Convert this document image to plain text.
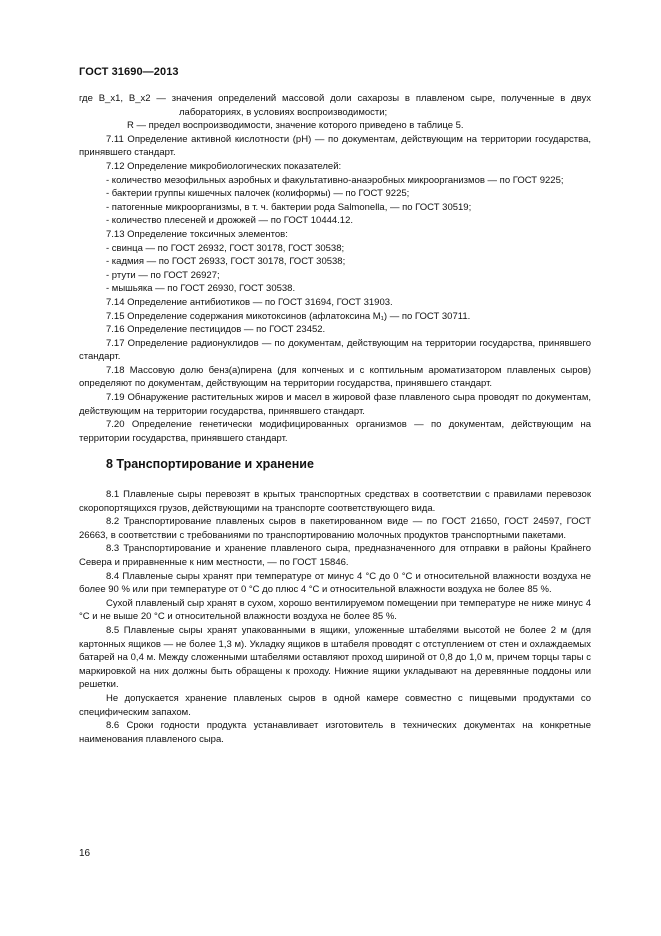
ГОСТ 31690—2013

где B_x1, B_x2 — значения определений массовой доли сахарозы в плавленом сыре, полученные в двух лабораториях, в условиях воспроизводимости;

R — предел воспроизводимости, значение которого приведено в таблице 5.

7.11 Определение активной кислотности (pH) — по документам, действующим на территории государства, принявшего стандарт.

7.12 Определение микробиологических показателей:

- количество мезофильных аэробных и факультативно-анаэробных микроорганизмов — по ГОСТ 9225;

- бактерии группы кишечных палочек (колиформы) — по ГОСТ 9225;

- патогенные микроорганизмы, в т. ч. бактерии рода Salmonella, — по ГОСТ 30519;

- количество плесеней и дрожжей — по ГОСТ 10444.12.

7.13 Определение токсичных элементов:

- свинца — по ГОСТ 26932, ГОСТ 30178, ГОСТ 30538;

- кадмия — по ГОСТ 26933, ГОСТ 30178, ГОСТ 30538;

- ртути — по ГОСТ 26927;

- мышьяка — по ГОСТ 26930, ГОСТ 30538.

7.14 Определение антибиотиков — по ГОСТ 31694, ГОСТ 31903.

7.15 Определение содержания микотоксинов (афлатоксина M₁) — по ГОСТ 30711.

7.16 Определение пестицидов — по ГОСТ 23452.

7.17 Определение радионуклидов — по документам, действующим на территории государства, принявшего стандарт.

7.18 Массовую долю бенз(а)пирена (для копченых и с коптильным ароматизатором плавленых сыров) определяют по документам, действующим на территории государства, принявшего стандарт.

7.19 Обнаружение растительных жиров и масел в жировой фазе плавленого сыра проводят по документам, действующим на территории государства, принявшего стандарт.

7.20 Определение генетически модифицированных организмов — по документам, действующим на территории государства, принявшего стандарт.

8 Транспортирование и хранение

8.1 Плавленые сыры перевозят в крытых транспортных средствах в соответствии с правилами перевозок скоропортящихся грузов, действующими на транспорте соответствующего вида.

8.2 Транспортирование плавленых сыров в пакетированном виде — по ГОСТ 21650, ГОСТ 24597, ГОСТ 26663, в соответствии с требованиями по транспортированию молочных продуктов транспортными пакетами.

8.3 Транспортирование и хранение плавленого сыра, предназначенного для отправки в районы Крайнего Севера и приравненные к ним местности, — по ГОСТ 15846.

8.4 Плавленые сыры хранят при температуре от минус 4 °С до 0 °С и относительной влажности воздуха не более 90 % или при температуре от 0 °С до плюс 4 °С и относительной влажности воздуха не более 85 %.

Сухой плавленый сыр хранят в сухом, хорошо вентилируемом помещении при температуре не ниже минус 4 °С и не выше 20 °С и относительной влажности воздуха не более 85 %.

8.5 Плавленые сыры хранят упакованными в ящики, уложенные штабелями высотой не более 2 м (для картонных ящиков — не более 1,3 м). Укладку ящиков в штабеля проводят с отступлением от стен и охлаждаемых батарей на 0,4 м. Между сложенными штабелями оставляют проход шириной от 0,8 до 1,0 м, причем торцы тары с маркировкой на них должны быть обращены к проходу. Нижние ящики укладывают на деревянные поддоны или решетки.

Не допускается хранение плавленых сыров в одной камере совместно с пищевыми продуктами со специфическим запахом.

8.6 Сроки годности продукта устанавливает изготовитель в технических документах на конкретные наименования плавленого сыра.

16
